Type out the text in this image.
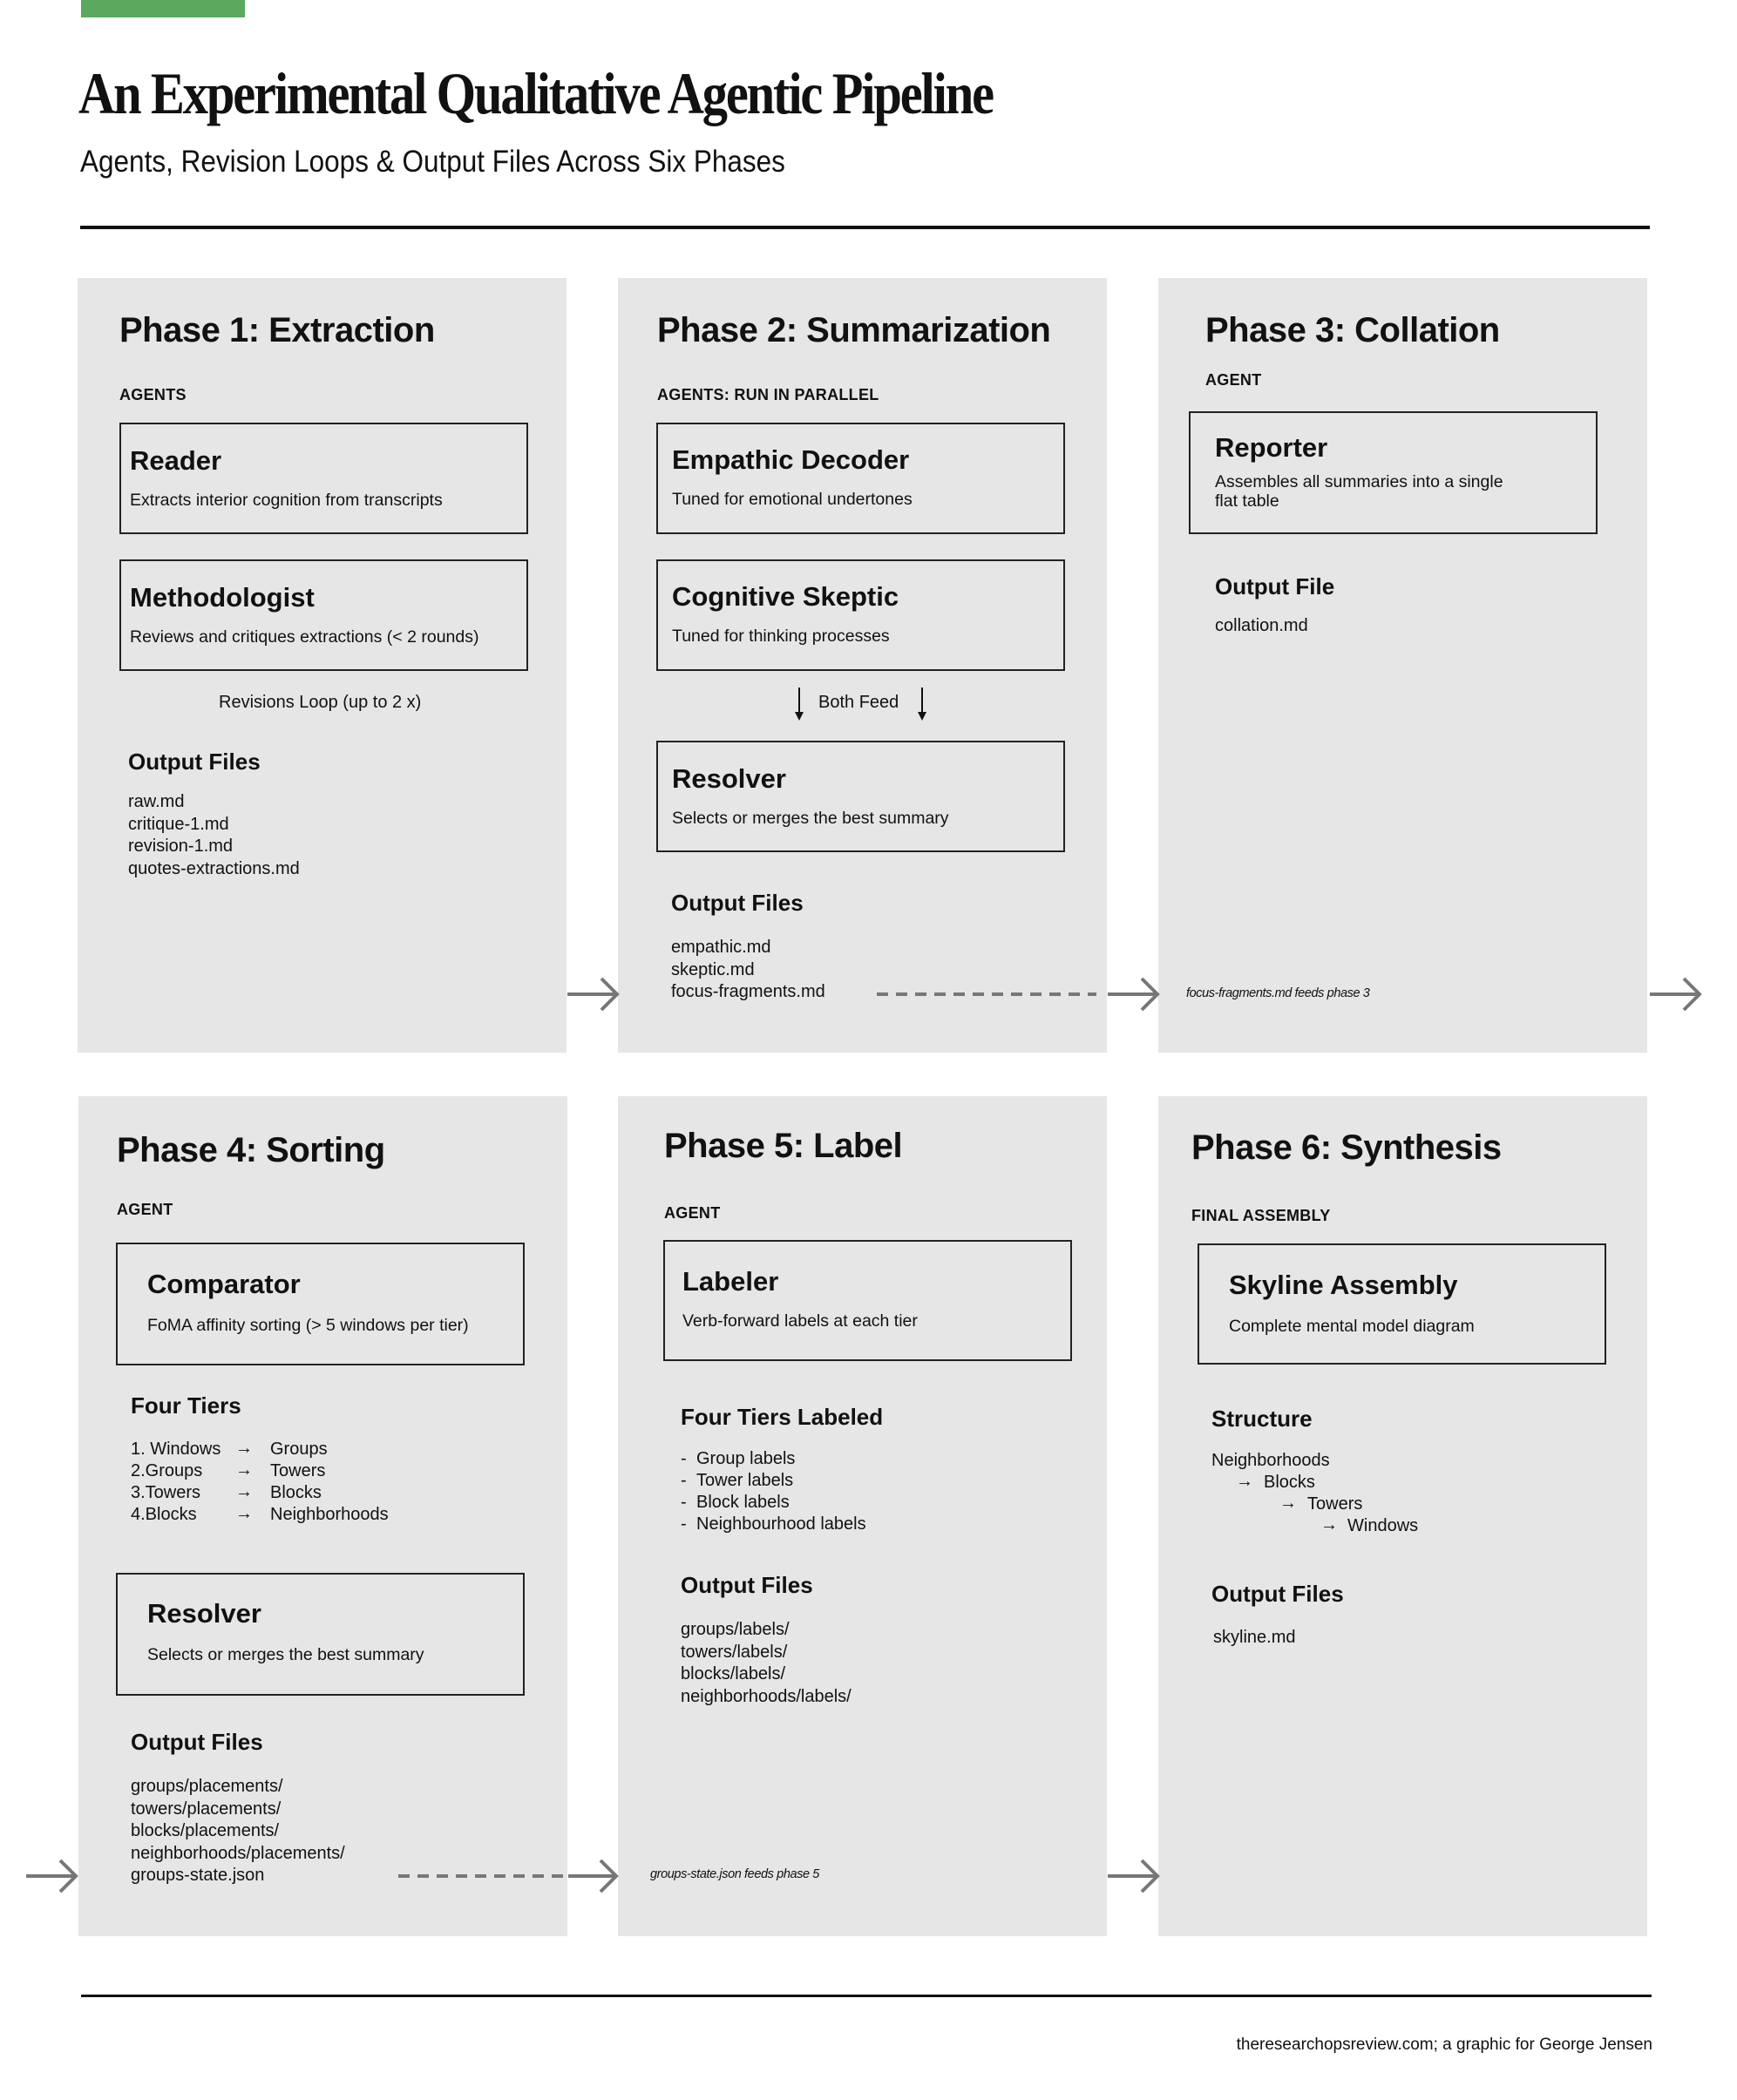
An Experimental Qualitative Agentic Pipeline
Agents, Revision Loops & Output Files Across Six Phases
Phase 1: Extraction
AGENTS
Reader
Extracts interior cognition from transcripts
Methodologist
Reviews and critiques extractions (< 2 rounds)
Revisions Loop (up to 2 x)
Output Files
raw.md
critique-1.md
revision-1.md
quotes-extractions.md
Phase 2: Summarization
AGENTS: RUN IN PARALLEL
Empathic Decoder
Tuned for emotional undertones
Cognitive Skeptic
Tuned for thinking processes
Both Feed
Resolver
Selects or merges the best summary
Output Files
empathic.md
skeptic.md
focus-fragments.md
Phase 3: Collation
AGENT
Reporter
Assembles all summaries into a single flat table
Output File
collation.md
focus-fragments.md feeds phase 3
Phase 4: Sorting
AGENT
Comparator
FoMA affinity sorting (> 5 windows per tier)
Four Tiers
1. Windows → Groups
2.Groups → Towers
3.Towers → Blocks
4.Blocks → Neighborhoods
Resolver
Selects or merges the best summary
Output Files
groups/placements/
towers/placements/
blocks/placements/
neighborhoods/placements/
groups-state.json
Phase 5: Label
AGENT
Labeler
Verb-forward labels at each tier
Four Tiers Labeled
- Group labels
- Tower labels
- Block labels
- Neighbourhood labels
Output Files
groups/labels/
towers/labels/
blocks/labels/
neighborhoods/labels/
groups-state.json feeds phase 5
Phase 6: Synthesis
FINAL ASSEMBLY
Skyline Assembly
Complete mental model diagram
Structure
Neighborhoods
→ Blocks
→ Towers
→ Windows
Output Files
skyline.md
theresearchopsreview.com; a graphic for George Jensen
